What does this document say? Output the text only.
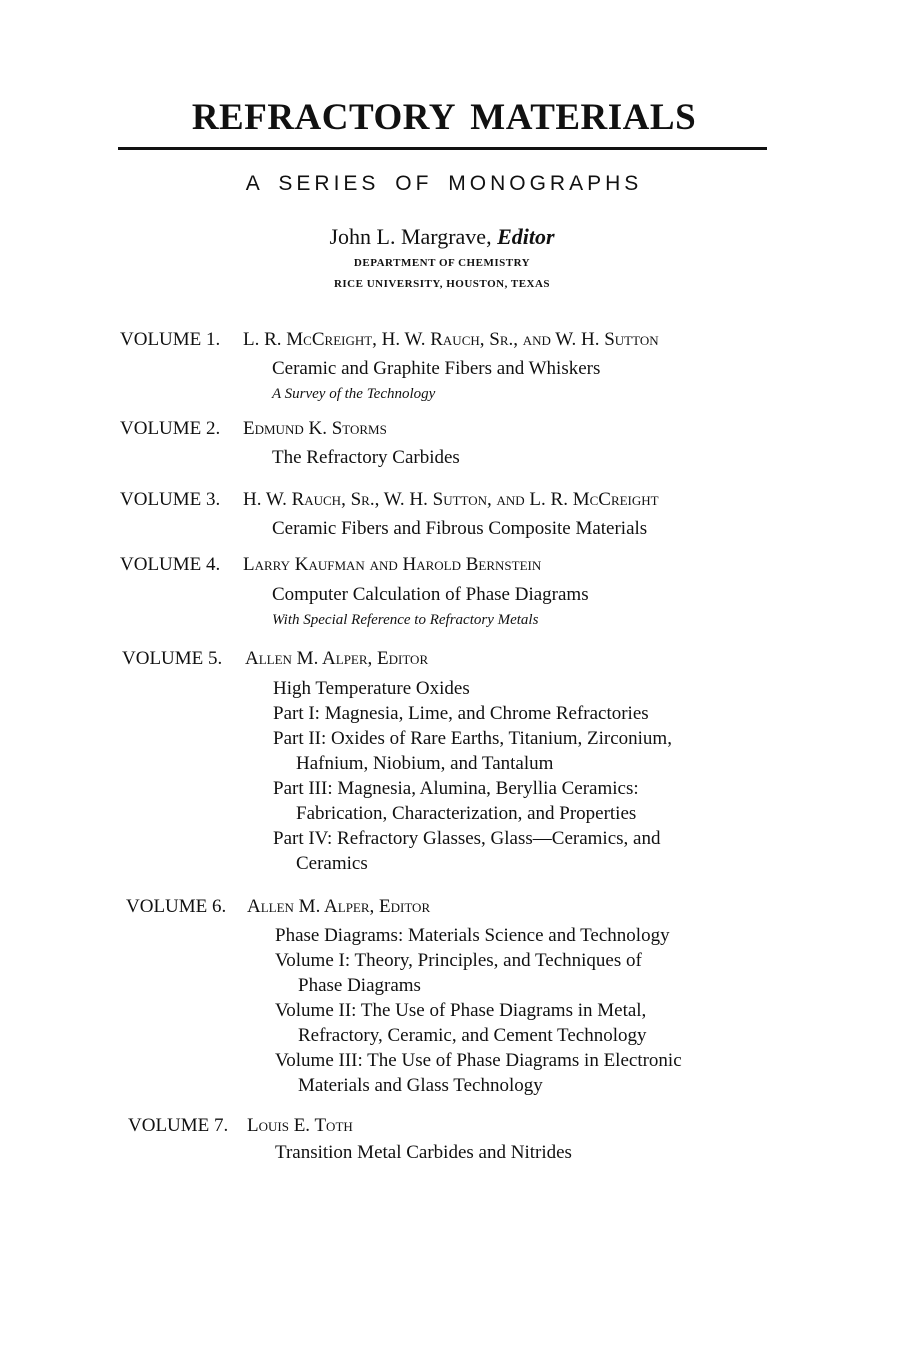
REFRACTORY MATERIALS
A SERIES OF MONOGRAPHS
John L. Margrave, Editor
DEPARTMENT OF CHEMISTRY
RICE UNIVERSITY, HOUSTON, TEXAS
VOLUME 1. L. R. McCreight, H. W. Rauch, Sr., and W. H. Sutton
Ceramic and Graphite Fibers and Whiskers
A Survey of the Technology
VOLUME 2. Edmund K. Storms
The Refractory Carbides
VOLUME 3. H. W. Rauch, Sr., W. H. Sutton, and L. R. McCreight
Ceramic Fibers and Fibrous Composite Materials
VOLUME 4. Larry Kaufman and Harold Bernstein
Computer Calculation of Phase Diagrams
With Special Reference to Refractory Metals
VOLUME 5. Allen M. Alper, Editor
High Temperature Oxides
Part I: Magnesia, Lime, and Chrome Refractories
Part II: Oxides of Rare Earths, Titanium, Zirconium,
Hafnium, Niobium, and Tantalum
Part III: Magnesia, Alumina, Beryllia Ceramics:
Fabrication, Characterization, and Properties
Part IV: Refractory Glasses, Glass—Ceramics, and
Ceramics
VOLUME 6. Allen M. Alper, Editor
Phase Diagrams: Materials Science and Technology
Volume I: Theory, Principles, and Techniques of
Phase Diagrams
Volume II: The Use of Phase Diagrams in Metal,
Refractory, Ceramic, and Cement Technology
Volume III: The Use of Phase Diagrams in Electronic
Materials and Glass Technology
VOLUME 7. Louis E. Toth
Transition Metal Carbides and Nitrides
